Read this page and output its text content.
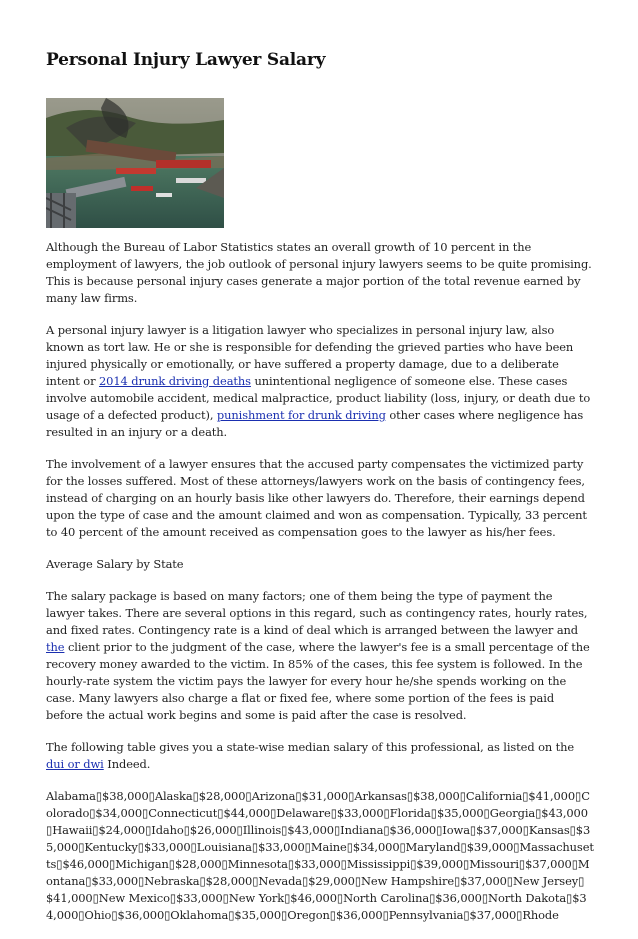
Personal Injury Lawyer Salary

Although the Bureau of Labor Statistics states an overall growth of 10 percent in the employment of lawyers, the job outlook of personal injury lawyers seems to be quite promising. This is because personal injury cases generate a major portion of the total revenue earned by many law firms.

A personal injury lawyer is a litigation lawyer who specializes in personal injury law, also known as tort law. He or she is responsible for defending the grieved parties who have been injured physically or emotionally, or have suffered a property damage, due to a deliberate intent or 2014 drunk driving deaths unintentional negligence of someone else. These cases involve automobile accident, medical malpractice, product liability (loss, injury, or death due to usage of a defected product), punishment for drunk driving other cases where negligence has resulted in an injury or a death.

The involvement of a lawyer ensures that the accused party compensates the victimized party for the losses suffered. Most of these attorneys/lawyers work on the basis of contingency fees, instead of charging on an hourly basis like other lawyers do. Therefore, their earnings depend upon the type of case and the amount claimed and won as compensation. Typically, 33 percent to 40 percent of the amount received as compensation goes to the lawyer as his/her fees.

Average Salary by State

The salary package is based on many factors; one of them being the type of payment the lawyer takes. There are several options in this regard, such as contingency rates, hourly rates, and fixed rates. Contingency rate is a kind of deal which is arranged between the lawyer and the client prior to the judgment of the case, where the lawyer's fee is a small percentage of the recovery money awarded to the victim. In 85% of the cases, this fee system is followed. In the hourly-rate system the victim pays the lawyer for every hour he/she spends working on the case. Many lawyers also charge a flat or fixed fee, where some portion of the fees is paid before the actual work begins and some is paid after the case is resolved.

The following table gives you a state-wise median salary of this professional, as listed on the dui or dwi Indeed.

Alabama▯$38,000▯Alaska▯$28,000▯Arizona▯$31,000▯Arkansas▯$38,000▯California▯$41,000▯Colorado▯$34,000▯Connecticut▯$44,000▯Delaware▯$33,000▯Florida▯$35,000▯Georgia▯$43,000▯Hawaii▯$24,000▯Idaho▯$26,000▯Illinois▯$43,000▯Indiana▯$36,000▯Iowa▯$37,000▯Kansas▯$35,000▯Kentucky▯$33,000▯Louisiana▯$33,000▯Maine▯$34,000▯Maryland▯$39,000▯Massachusetts▯$46,000▯Michigan▯$28,000▯Minnesota▯$33,000▯Mississippi▯$39,000▯Missouri▯$37,000▯Montana▯$33,000▯Nebraska▯$28,000▯Nevada▯$29,000▯New Hampshire▯$37,000▯New Jersey▯$41,000▯New Mexico▯$33,000▯New York▯$46,000▯North Carolina▯$36,000▯North Dakota▯$34,000▯Ohio▯$36,000▯Oklahoma▯$35,000▯Oregon▯$36,000▯Pennsylvania▯$37,000▯Rhode
